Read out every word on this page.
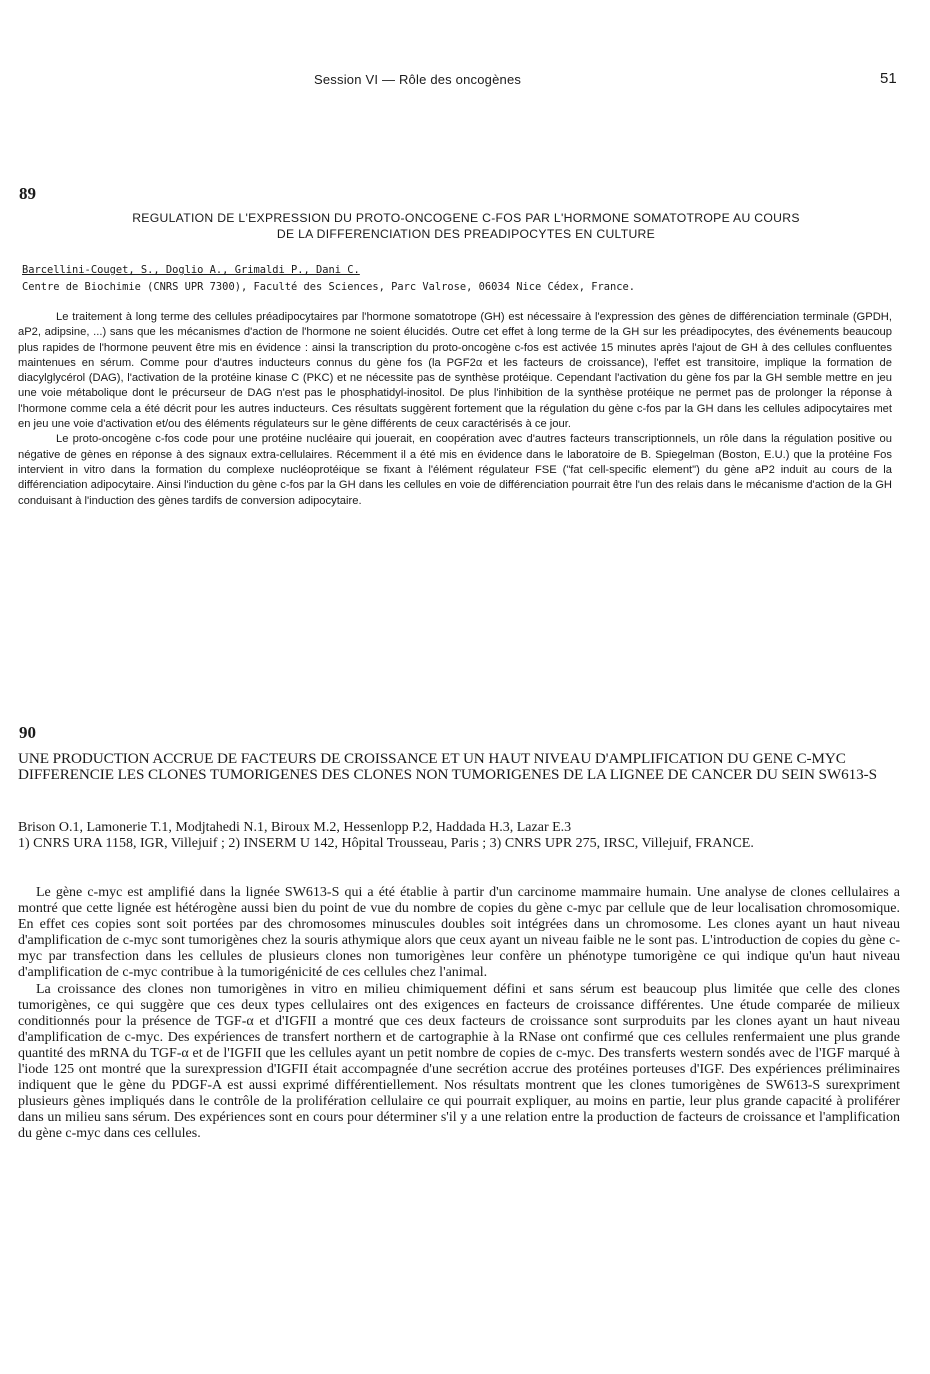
Session VI — Rôle des oncogènes	51
89
REGULATION DE L'EXPRESSION DU PROTO-ONCOGENE C-FOS PAR L'HORMONE SOMATOTROPE AU COURS
DE LA DIFFERENCIATION DES PREADIPOCYTES EN CULTURE
Barcellini-Couget, S., Doglio A., Grimaldi P., Dani C.
Centre de Biochimie (CNRS UPR 7300), Faculté des Sciences, Parc Valrose, 06034 Nice Cédex, France.

Le traitement à long terme des cellules préadipocytaires par l'hormone somatotrope (GH) est nécessaire à l'expression des gènes de différenciation terminale (GPDH, aP2, adipsine, ...) sans que les mécanismes d'action de l'hormone ne soient élucidés. Outre cet effet à long terme de la GH sur les préadipocytes, des événements beaucoup plus rapides de l'hormone peuvent être mis en évidence : ainsi la transcription du proto-oncogène c-fos est activée 15 minutes après l'ajout de GH à des cellules confluentes maintenues en sérum. Comme pour d'autres inducteurs connus du gène fos (la PGF2α et les facteurs de croissance), l'effet est transitoire, implique la formation de diacylglycérol (DAG), l'activation de la protéine kinase C (PKC) et ne nécessite pas de synthèse protéique. Cependant l'activation du gène fos par la GH semble mettre en jeu une voie métabolique dont le précurseur de DAG n'est pas le phosphatidyl-inositol. De plus l'inhibition de la synthèse protéique ne permet pas de prolonger la réponse à l'hormone comme cela a été décrit pour les autres inducteurs. Ces résultats suggèrent fortement que la régulation du gène c-fos par la GH dans les cellules adipocytaires met en jeu une voie d'activation et/ou des éléments régulateurs sur le gène différents de ceux caractérisés à ce jour.

Le proto-oncogène c-fos code pour une protéine nucléaire qui jouerait, en coopération avec d'autres facteurs transcriptionnels, un rôle dans la régulation positive ou négative de gènes en réponse à des signaux extra-cellulaires. Récemment il a été mis en évidence dans le laboratoire de B. Spiegelman (Boston, E.U.) que la protéine Fos intervient in vitro dans la formation du complexe nucléoprotéique se fixant à l'élément régulateur FSE ("fat cell-specific element") du gène aP2 induit au cours de la différenciation adipocytaire. Ainsi l'induction du gène c-fos par la GH dans les cellules en voie de différenciation pourrait être l'un des relais dans le mécanisme d'action de la GH conduisant à l'induction des gènes tardifs de conversion adipocytaire.

90
UNE PRODUCTION ACCRUE DE FACTEURS DE CROISSANCE ET UN HAUT NIVEAU D'AMPLIFICATION DU GENE C-MYC DIFFERENCIE LES CLONES TUMORIGENES DES CLONES NON TUMORIGENES DE LA LIGNEE DE CANCER DU SEIN SW613-S
Brison O.1, Lamonerie T.1, Modjtahedi N.1, Biroux M.2, Hessenlopp P.2, Haddada H.3, Lazar E.3
1) CNRS URA 1158, IGR, Villejuif ; 2) INSERM U 142, Hôpital Trousseau, Paris ; 3) CNRS UPR 275, IRSC, Villejuif, FRANCE.

Le gène c-myc est amplifié dans la lignée SW613-S qui a été établie à partir d'un carcinome mammaire humain. Une analyse de clones cellulaires a montré que cette lignée est hétérogène aussi bien du point de vue du nombre de copies du gène c-myc par cellule que de leur localisation chromosomique. En effet ces copies sont soit portées par des chromosomes minuscules doubles soit intégrées dans un chromosome. Les clones ayant un haut niveau d'amplification de c-myc sont tumorigènes chez la souris athymique alors que ceux ayant un niveau faible ne le sont pas. L'introduction de copies du gène c-myc par transfection dans les cellules de plusieurs clones non tumorigènes leur confère un phénotype tumorigène ce qui indique qu'un haut niveau d'amplification de c-myc contribue à la tumorigénicité de ces cellules chez l'animal.

La croissance des clones non tumorigènes in vitro en milieu chimiquement défini et sans sérum est beaucoup plus limitée que celle des clones tumorigènes, ce qui suggère que ces deux types cellulaires ont des exigences en facteurs de croissance différentes. Une étude comparée de milieux conditionnés pour la présence de TGF-α et d'IGFII a montré que ces deux facteurs de croissance sont surproduits par les clones ayant un haut niveau d'amplification de c-myc. Des expériences de transfert northern et de cartographie à la RNase ont confirmé que ces cellules renfermaient une plus grande quantité des mRNA du TGF-α et de l'IGFII que les cellules ayant un petit nombre de copies de c-myc. Des transferts western sondés avec de l'IGF marqué à l'iode 125 ont montré que la surexpression d'IGFII était accompagnée d'une secrétion accrue des protéines porteuses d'IGF. Des expériences préliminaires indiquent que le gène du PDGF-A est aussi exprimé différentiellement. Nos résultats montrent que les clones tumorigènes de SW613-S surexpriment plusieurs gènes impliqués dans le contrôle de la prolifération cellulaire ce qui pourrait expliquer, au moins en partie, leur plus grande capacité à proliférer dans un milieu sans sérum. Des expériences sont en cours pour déterminer s'il y a une relation entre la production de facteurs de croissance et l'amplification du gène c-myc dans ces cellules.
